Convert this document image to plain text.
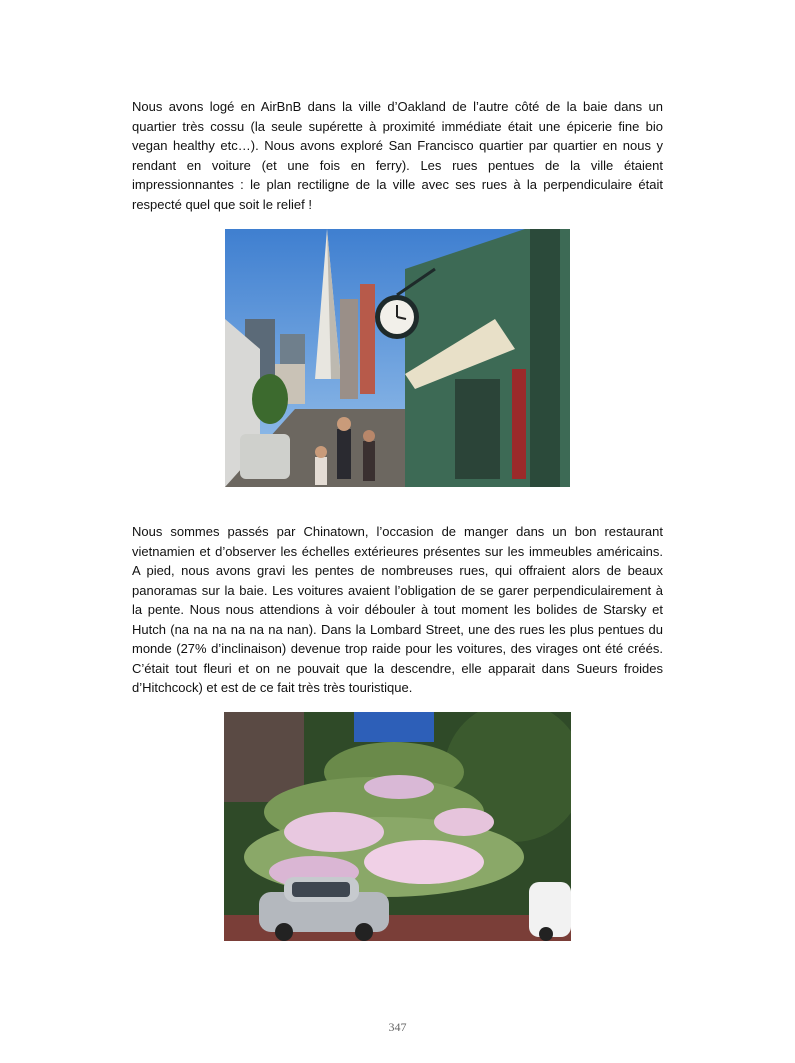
Nous avons logé en AirBnB dans la ville d’Oakland de l’autre côté de la baie dans un quartier très cossu (la seule supérette à proximité immédiate était une épicerie fine bio vegan healthy etc…). Nous avons exploré San Francisco quartier par quartier en nous y rendant en voiture (et une fois en ferry). Les rues pentues de la ville étaient impressionnantes : le plan rectiligne de la ville avec ses rues à la perpendiculaire était respecté quel que soit le relief !

Nous sommes passés par Chinatown, l’occasion de manger dans un bon restaurant vietnamien et d’observer les échelles extérieures présentes sur les immeubles américains. A pied, nous avons gravi les pentes de nombreuses rues, qui offraient alors de beaux panoramas sur la baie. Les voitures avaient l’obligation de se garer perpendiculairement à la pente. Nous nous attendions à voir débouler à tout moment les bolides de Starsky et Hutch (na na na na na na nan). Dans la Lombard Street, une des rues les plus pentues du monde (27% d’inclinaison) devenue trop raide pour les voitures, des virages ont été créés. C’était tout fleuri et on ne pouvait que la descendre, elle apparait dans Sueurs froides d’Hitchcock) et est de ce fait très très touristique.

347
